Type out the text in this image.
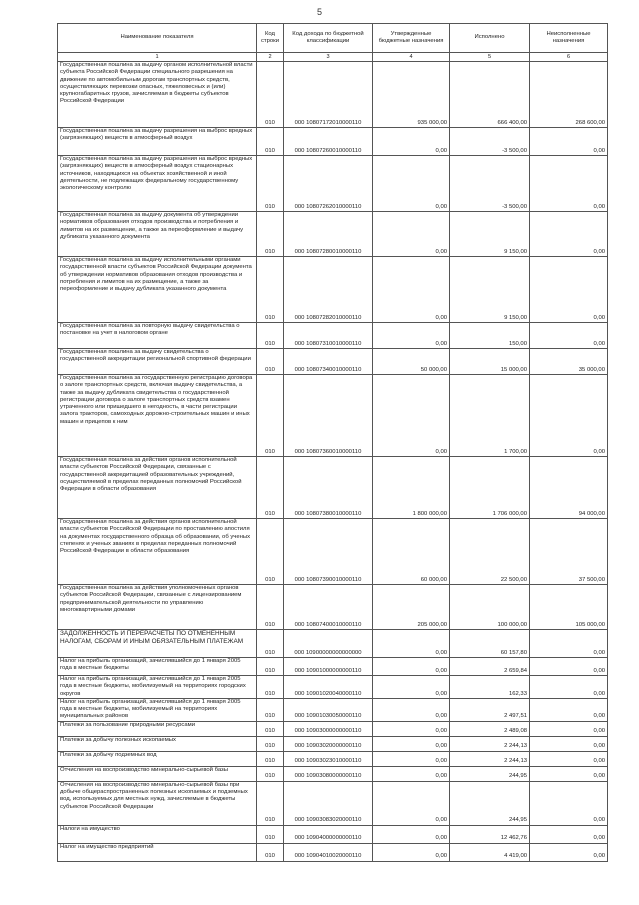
5
Наименование показателя	Код строки	Код дохода по бюджетной классификации	Утвержденные бюджетные назначения	Исполнено	Неисполненные назначения
1	2	3	4	5	6
Государственная пошлина за выдачу органом исполнительной власти субъекта Российской Федерации специального разрешения на движение по автомобильным дорогам транспортных средств, осуществляющих перевозки опасных, тяжеловесных и (или) крупногабаритных грузов, зачисляемая в бюджеты субъектов Российской Федерации	010	000 10807172010000110	935 000,00	666 400,00	268 600,00
Государственная пошлина за выдачу разрешения на выброс вредных (загрязняющих) веществ в атмосферный воздух	010	000 10807260010000110	0,00	-3 500,00	0,00
Государственная пошлина за выдачу разрешения на выброс вредных (загрязняющих) веществ в атмосферный воздух стационарных источников, находящихся на объектах хозяйственной и иной деятельности, не подлежащих федеральному государственному экологическому контролю	010	000 10807262010000110	0,00	-3 500,00	0,00
Государственная пошлина за выдачу документа об утверждении нормативов образования отходов производства и потребления и лимитов на их размещение, а также за переоформление и выдачу дубликата указанного документа	010	000 10807280010000110	0,00	9 150,00	0,00
Государственная пошлина за выдачу исполнительными органами государственной власти субъектов Российской Федерации документа об утверждении нормативов образования отходов производства и потребления и лимитов на их размещение, а также за переоформление и выдачу дубликата указанного документа	010	000 10807282010000110	0,00	9 150,00	0,00
Государственная пошлина за повторную выдачу свидетельства о постановке на учет в налоговом органе	010	000 10807310010000110	0,00	150,00	0,00
Государственная пошлина за выдачу свидетельства о государственной аккредитации региональной спортивной федерации	010	000 10807340010000110	50 000,00	15 000,00	35 000,00
Государственная пошлина за государственную регистрацию договора о залоге транспортных средств, включая выдачу свидетельства, а также за выдачу дубликата свидетельства о государственной регистрации договора о залоге транспортных средств взамен утраченного или пришедшего в негодность, в части регистрации залога тракторов, самоходных дорожно-строительных машин и иных машин и прицепов к ним	010	000 10807360010000110	0,00	1 700,00	0,00
Государственная пошлина за действия органов исполнительной власти субъектов Российской Федерации, связанные с государственной аккредитацией образовательных учреждений, осуществляемой в пределах переданных полномочий Российской Федерации в области образования	010	000 10807380010000110	1 800 000,00	1 706 000,00	94 000,00
Государственная пошлина за действия органов исполнительной власти субъектов Российской Федерации по проставлению апостиля на документах государственного образца об образовании, об ученых степенях и ученых званиях в пределах переданных полномочий Российской Федерации в области образования	010	000 10807390010000110	60 000,00	22 500,00	37 500,00
Государственная пошлина за действия уполномоченных органов субъектов Российской Федерации, связанные с лицензированием предпринимательской деятельности по управлению многоквартирными домами	010	000 10807400010000110	205 000,00	100 000,00	105 000,00
ЗАДОЛЖЕННОСТЬ И ПЕРЕРАСЧЕТЫ ПО ОТМЕНЕННЫМ НАЛОГАМ, СБОРАМ И ИНЫМ ОБЯЗАТЕЛЬНЫМ ПЛАТЕЖАМ	010	000 10900000000000000	0,00	60 157,80	0,00
Налог на прибыль организаций, зачислявшийся до 1 января 2005 года в местные бюджеты	010	000 10901000000000110	0,00	2 659,84	0,00
Налог на прибыль организаций, зачислявшийся до 1 января 2005 года в местные бюджеты, мобилизуемый на территориях городских округов	010	000 10901020040000110	0,00	162,33	0,00
Налог на прибыль организаций, зачислявшийся до 1 января 2005 года в местные бюджеты, мобилизуемый на территориях муниципальных районов	010	000 10901030050000110	0,00	2 497,51	0,00
Платежи за пользование природными ресурсами	010	000 10903000000000110	0,00	2 489,08	0,00
Платежи за добычу полезных ископаемых	010	000 10903020000000110	0,00	2 244,13	0,00
Платежи за добычу подземных вод	010	000 10903023010000110	0,00	2 244,13	0,00
Отчисления на воспроизводство минерально-сырьевой базы	010	000 10903080000000110	0,00	244,95	0,00
Отчисления на воспроизводство минерально-сырьевой базы при добыче общераспространенных полезных ископаемых и подземных вод, используемых для местных нужд, зачисляемые в бюджеты субъектов Российской Федерации	010	000 10903083020000110	0,00	244,95	0,00
Налоги на имущество	010	000 10904000000000110	0,00	12 462,76	0,00
Налог на имущество предприятий	010	000 10904010020000110	0,00	4 419,00	0,00
